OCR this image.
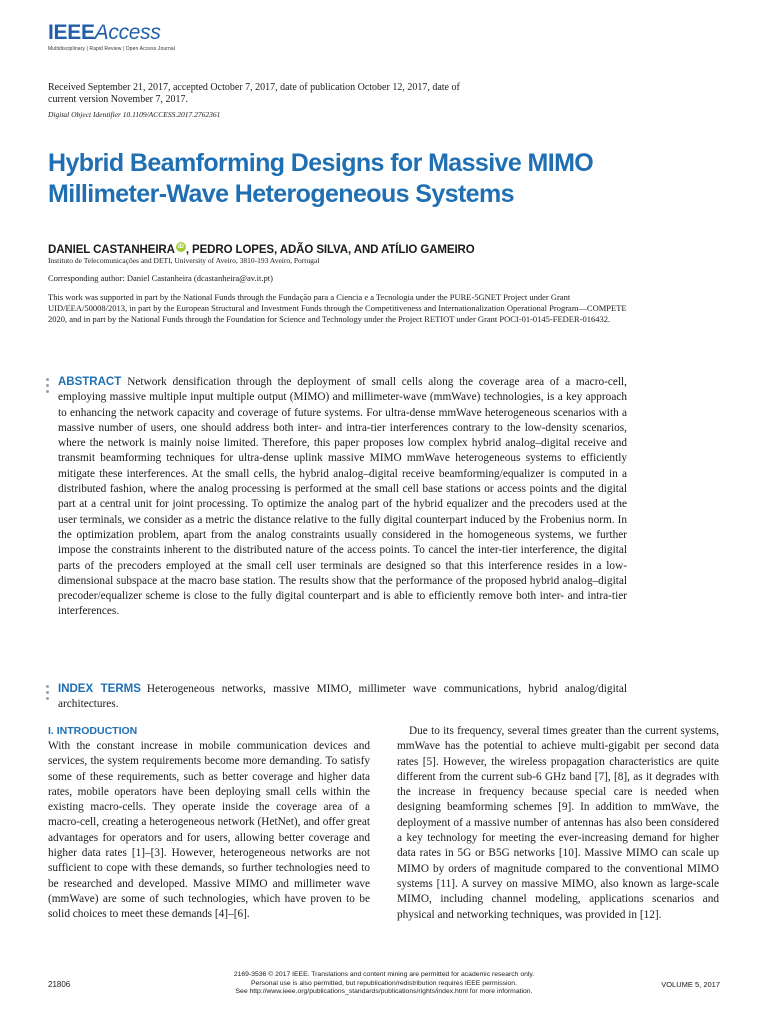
IEEEAccess
Multidisciplinary | Rapid Review | Open Access Journal
Received September 21, 2017, accepted October 7, 2017, date of publication October 12, 2017, date of current version November 7, 2017.
Digital Object Identifier 10.1109/ACCESS.2017.2762361
Hybrid Beamforming Designs for Massive MIMO Millimeter-Wave Heterogeneous Systems
DANIEL CASTANHEIRA iD , PEDRO LOPES, ADÃO SILVA, AND ATÍLIO GAMEIRO
Instituto de Telecomunicações and DETI, University of Aveiro, 3810-193 Aveiro, Portugal
Corresponding author: Daniel Castanheira (dcastanheira@av.it.pt)
This work was supported in part by the National Funds through the Fundação para a Ciencia e a Tecnologia under the PURE-5GNET Project under Grant UID/EEA/50008/2013, in part by the European Structural and Investment Funds through the Competitiveness and Internationalization Operational Program—COMPETE 2020, and in part by the National Funds through the Foundation for Science and Technology under the Project RETIOT under Grant POCI-01-0145-FEDER-016432.
ABSTRACT Network densification through the deployment of small cells along the coverage area of a macro-cell, employing massive multiple input multiple output (MIMO) and millimeter-wave (mmWave) technologies, is a key approach to enhancing the network capacity and coverage of future systems. For ultra-dense mmWave heterogeneous scenarios with a massive number of users, one should address both inter- and intra-tier interferences contrary to the low-density scenarios, where the network is mainly noise limited. Therefore, this paper proposes low complex hybrid analog–digital receive and transmit beamforming techniques for ultra-dense uplink massive MIMO mmWave heterogeneous systems to efficiently mitigate these interferences. At the small cells, the hybrid analog–digital receive beamforming/equalizer is computed in a distributed fashion, where the analog processing is performed at the small cell base stations or access points and the digital part at a central unit for joint processing. To optimize the analog part of the hybrid equalizer and the precoders used at the user terminals, we consider as a metric the distance relative to the fully digital counterpart induced by the Frobenius norm. In the optimization problem, apart from the analog constraints usually considered in the homogeneous systems, we further impose the constraints inherent to the distributed nature of the access points. To cancel the inter-tier interference, the digital parts of the precoders employed at the small cell user terminals are designed so that this interference resides in a low-dimensional subspace at the macro base station. The results show that the performance of the proposed hybrid analog–digital precoder/equalizer scheme is close to the fully digital counterpart and is able to efficiently remove both inter- and intra-tier interferences.
INDEX TERMS Heterogeneous networks, massive MIMO, millimeter wave communications, hybrid analog/digital architectures.
I. INTRODUCTION

With the constant increase in mobile communication devices and services, the system requirements become more demanding. To satisfy some of these requirements, such as better coverage and higher data rates, mobile operators have been deploying small cells within the existing macro-cells. They operate inside the coverage area of a macro-cell, creating a heterogeneous network (HetNet), and offer great advantages for operators and for users, allowing better coverage and higher data rates [1]–[3]. However, heterogeneous networks are not sufficient to cope with these demands, so further technologies need to be researched and developed. Massive MIMO and millimeter wave (mmWave) are some of such technologies, which have proven to be solid choices to meet these demands [4]–[6].

Due to its frequency, several times greater than the current systems, mmWave has the potential to achieve multi-gigabit per second data rates [5]. However, the wireless propagation characteristics are quite different from the current sub-6 GHz band [7], [8], as it degrades with the increase in frequency because special care is needed when designing beamforming schemes [9]. In addition to mmWave, the deployment of a massive number of antennas has also been considered a key technology for meeting the ever-increasing demand for higher data rates in 5G or B5G networks [10]. Massive MIMO can scale up MIMO by orders of magnitude compared to the conventional MIMO systems [11]. A survey on massive MIMO, also known as large-scale MIMO, including channel modeling, applications scenarios and physical and networking techniques, was provided in [12].

21806
2169-3536 © 2017 IEEE. Translations and content mining are permitted for academic research only.
Personal use is also permitted, but republication/redistribution requires IEEE permission.
See http://www.ieee.org/publications_standards/publications/rights/index.html for more information.
VOLUME 5, 2017
